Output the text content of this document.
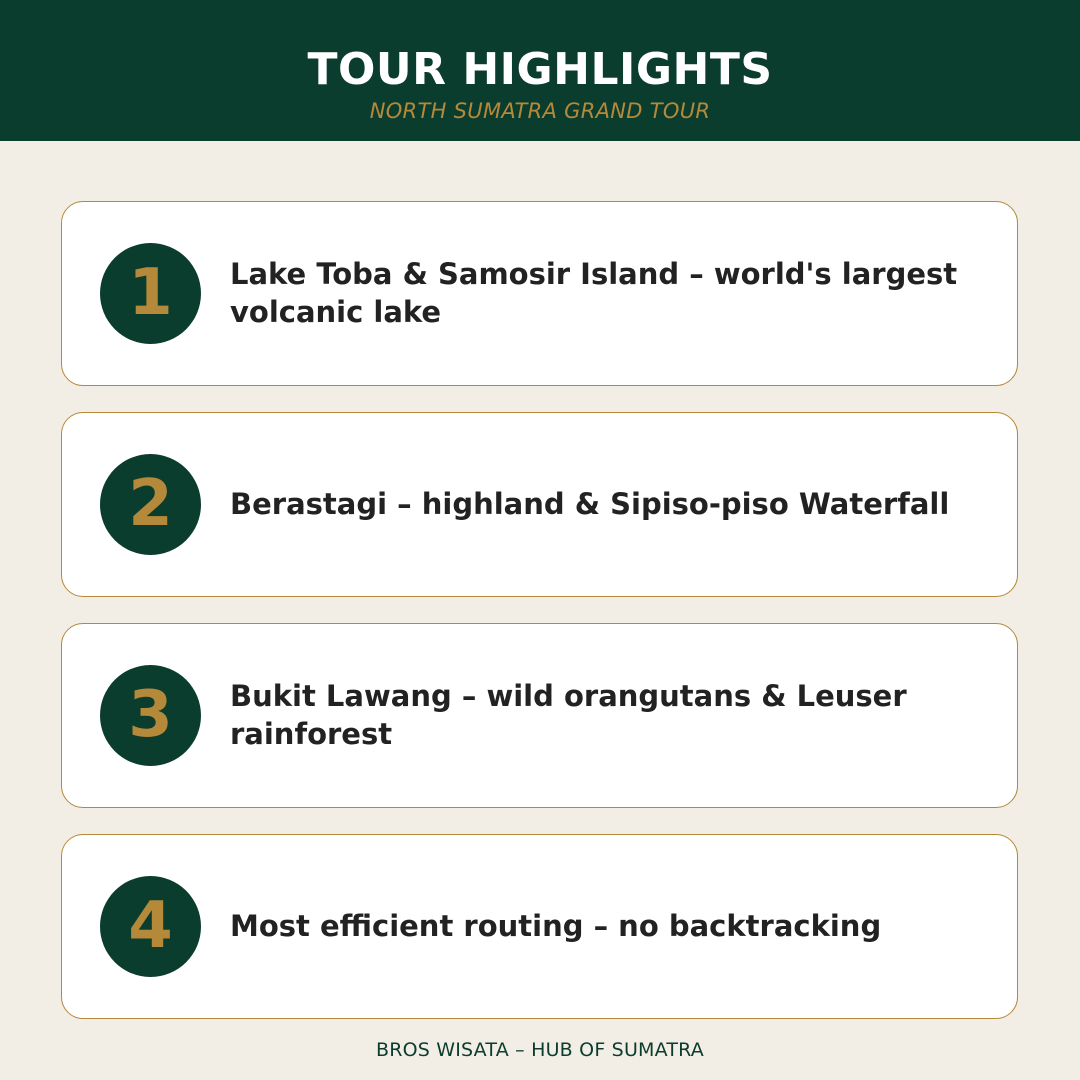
TOUR HIGHLIGHTS
NORTH SUMATRA GRAND TOUR
1	Lake Toba & Samosir Island – world's largest volcanic lake
2	Berastagi – highland & Sipiso-piso Waterfall
3	Bukit Lawang – wild orangutans & Leuser rainforest
4	Most efficient routing – no backtracking
BROS WISATA – HUB OF SUMATRA
